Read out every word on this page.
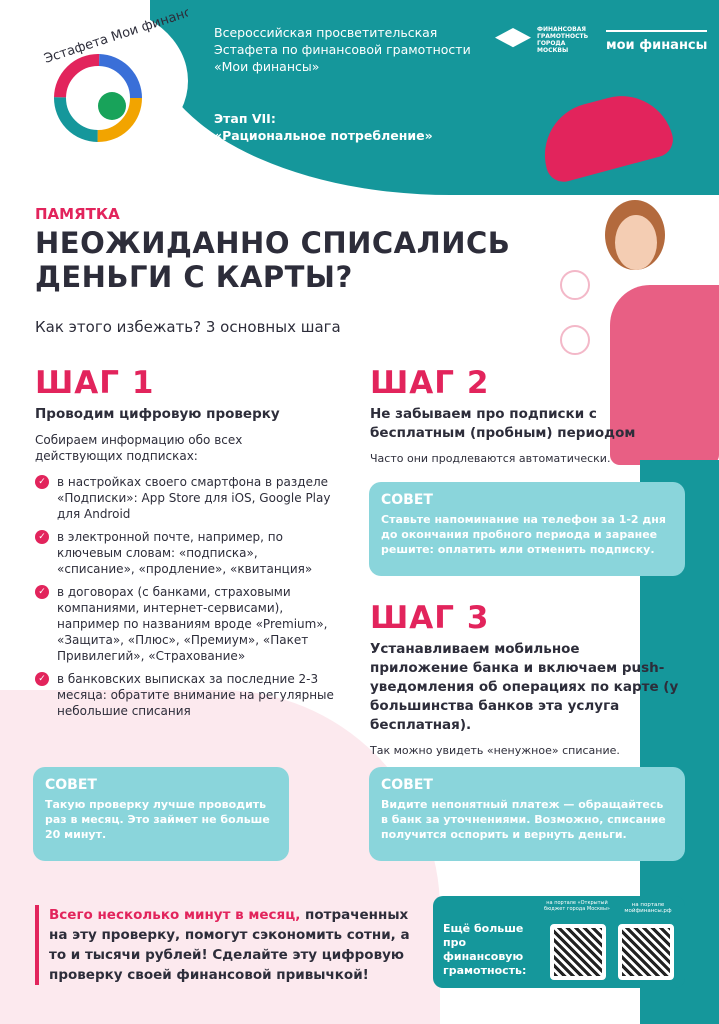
Эстафета Мои финансы Всероссийская просветительская
Эстафета по финансовой грамотности
«Мои финансы»
Этап VII:
«Рациональное потребление»
ФИНАНСОВАЯ ГРАМОТНОСТЬ ГОРОДА МОСКВЫ	мои финансы
ПАМЯТКА
НЕОЖИДАННО СПИСАЛИСЬ
ДЕНЬГИ С КАРТЫ?
Как этого избежать? 3 основных шага
ШАГ 1
Проводим цифровую проверку
Собираем информацию обо всех действующих подписках:
✓ в настройках своего смартфона в разделе «Подписки»: App Store для iOS, Google Play для Android
✓ в электронной почте, например, по ключевым словам: «подписка», «списание», «продление», «квитанция»
✓ в договорах (с банками, страховыми компаниями, интернет-сервисами), например по названиям вроде «Premium», «Защита», «Плюс», «Премиум», «Пакет Привилегий», «Страхование»
✓ в банковских выписках за последние 2-3 месяца: обратите внимание на регулярные небольшие списания
СОВЕТ
Такую проверку лучше проводить раз в месяц. Это займет не больше 20 минут.
ШАГ 2
Не забываем про подписки с бесплатным (пробным) периодом
Часто они продлеваются автоматически.
СОВЕТ
Ставьте напоминание на телефон за 1-2 дня до окончания пробного периода и заранее решите: оплатить или отменить подписку.
ШАГ 3
Устанавливаем мобильное приложение банка и включаем push-уведомления об операциях по карте (у большинства банков эта услуга бесплатная).
Так можно увидеть «ненужное» списание.
СОВЕТ
Видите непонятный платеж — обращайтесь в банк за уточнениями. Возможно, списание получится оспорить и вернуть деньги.
Всего несколько минут в месяц, потраченных на эту проверку, помогут сэкономить сотни, а то и тысячи рублей! Сделайте эту цифровую проверку своей финансовой привычкой!
Ещё больше про финансовую грамотность:
на портале «Открытый бюджет города Москвы»
на портале мойфинансы.рф
